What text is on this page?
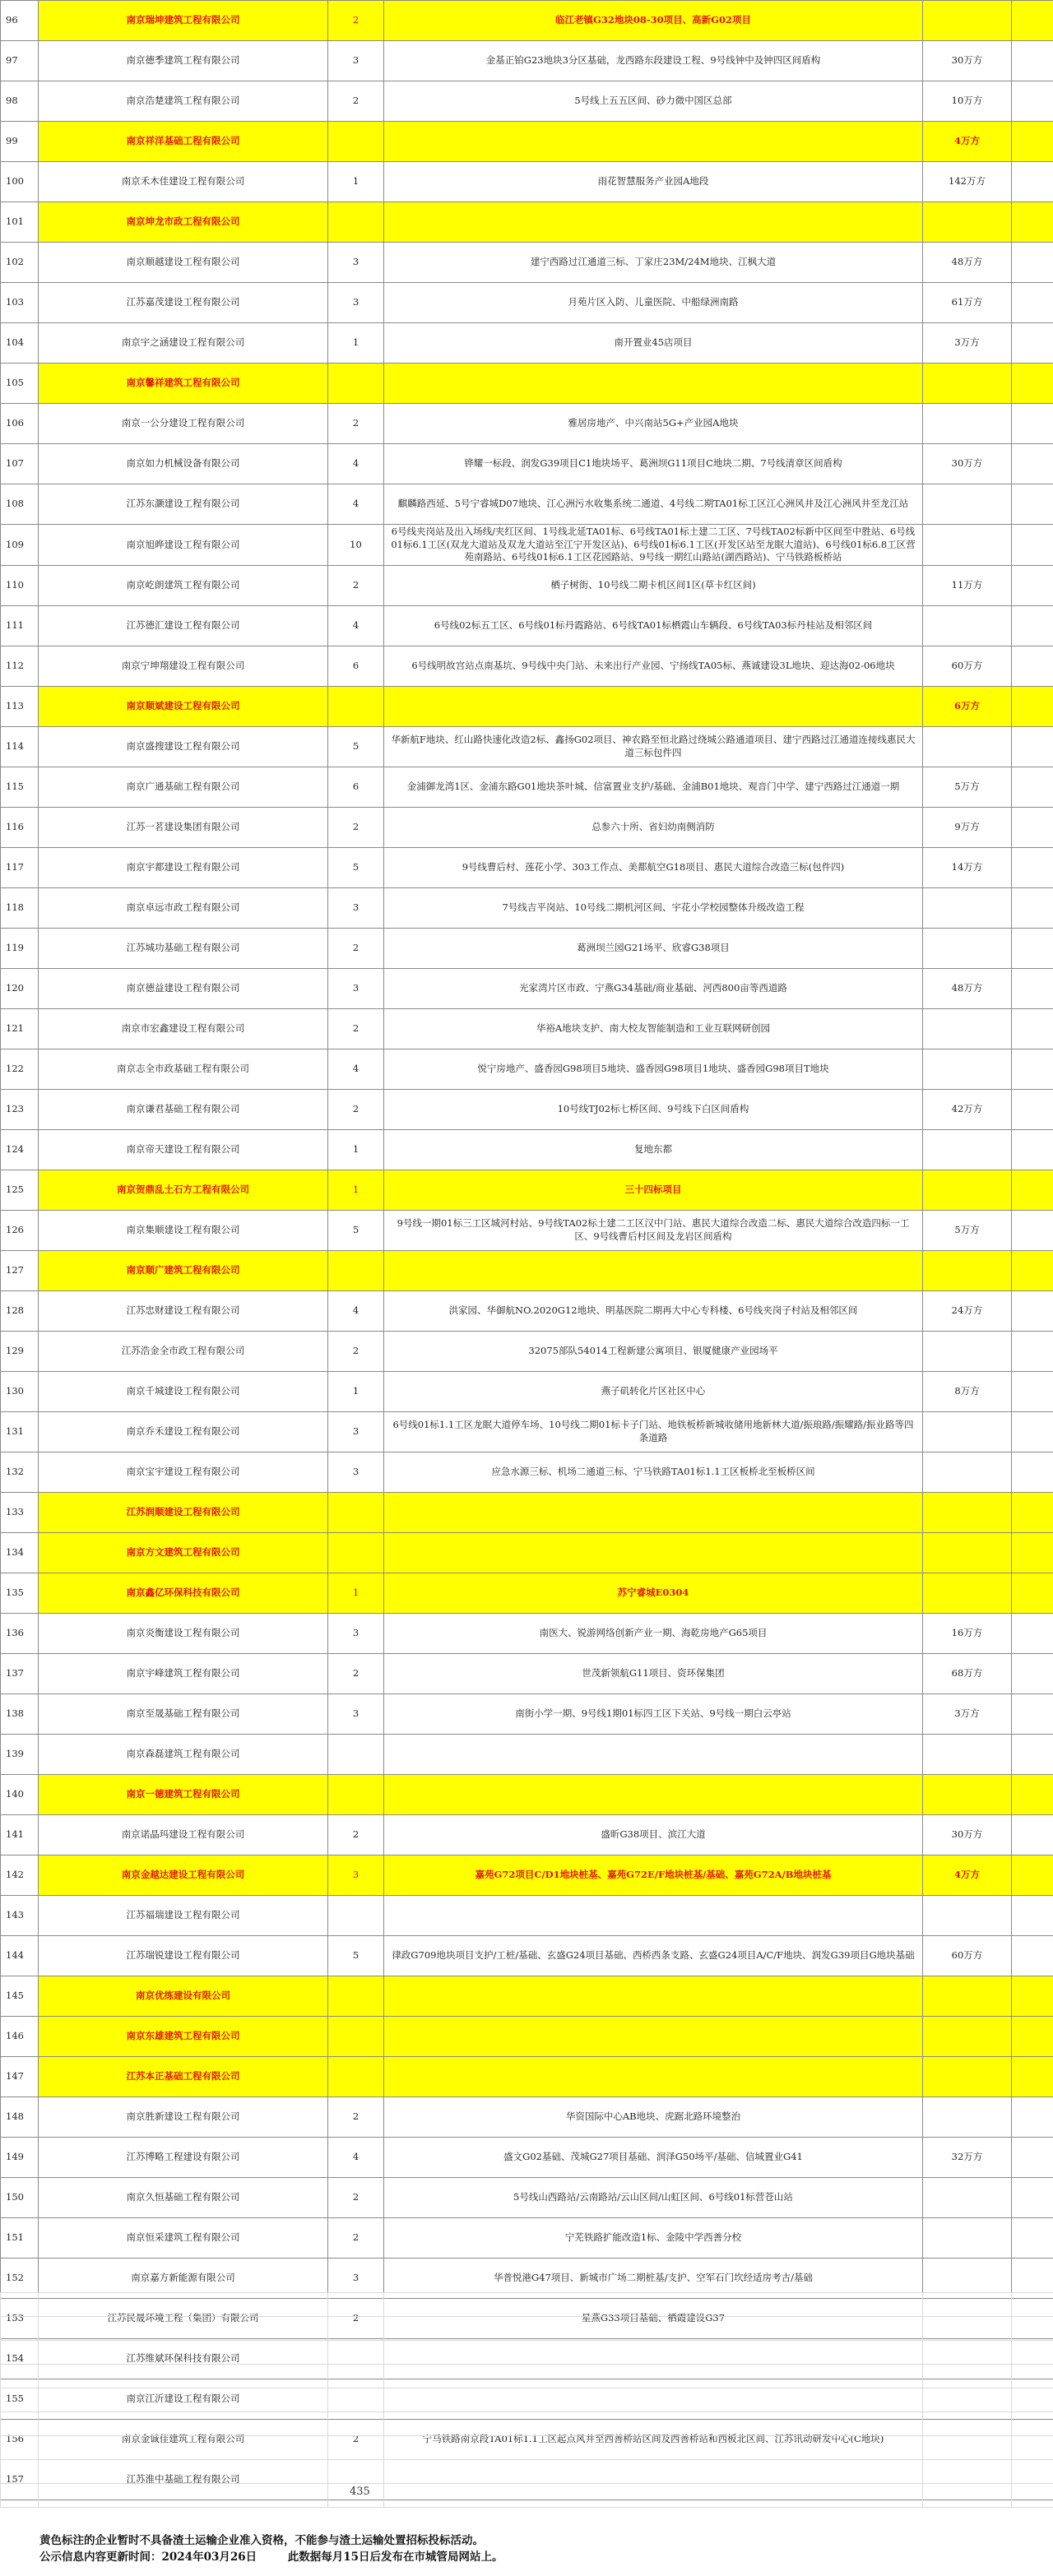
96	南京瑞坤建筑工程有限公司	2	临江老镇G32地块08-30项目、高新G02项目		
97	南京德季建筑工程有限公司	3	金基正铂G23地块3分区基础，龙西路东段建设工程、9号线钟中及钟四区间盾构	30万方	
98	南京浩楚建筑工程有限公司	2	5号线上五五区间、砂力微中国区总部	10万方	
99	南京祥洋基础工程有限公司			4万方	
100	南京禾木佳建设工程有限公司	1	雨花智慧服务产业园A地段	142万方	
101	南京坤龙市政工程有限公司				
102	南京顺越建设工程有限公司	3	建宁西路过江通道三标、丁家庄23M/24M地块、江枫大道	48万方	
103	江苏嘉茂建设工程有限公司	3	月苑片区入防、儿童医院、中船绿洲南路	61万方	
104	南京宇之涵建设工程有限公司	1	南开置业45店项目	3万方	
105	南京馨祥建筑工程有限公司				
106	南京一公分建设工程有限公司	2	雅居房地产、中兴南站5G+产业园A地块		
107	南京如力机械设备有限公司	4	铧耀一标段、润发G39项目C1地块场平、葛洲坝G11项目C地块二期、7号线清章区间盾构	30万方	
108	江苏东灏建设工程有限公司	4	麒麟路西延、5号宁睿城D07地块、江心洲污水收集系统二通道、4号线二期TA01标工区江心洲风井及江心洲风井至龙江站		
109	南京旭晔建设工程有限公司	10	6号线夹岗站及出入场线/夹红区间、1号线北延TA01标、6号线TA01标土建二工区、7号线TA02标新中区间至中胜站、6号线01标6.1工区(双龙大道站及双龙大道站至江宁开发区站)、6号线01标6.1工区(开发区站至龙眠大道站)、6号线01标6.8工区营苑南路站、6号线01标6.1工区花园路站、9号线一期红山路站(湖西路站)、宁马铁路板桥站		
110	南京屹朗建筑工程有限公司	2	栖子树街、10号线二期卡机区间1区(草卡红区间)	11万方	
111	江苏德汇建设工程有限公司	4	6号线02标五工区、6号线01标丹霞路站、6号线TA01标栖霞山车辆段、6号线TA03标丹桂站及相邻区间		
112	南京宁坤翔建设工程有限公司	6	6号线明故宫站点南基坑、9号线中央门站、未来出行产业园、宁扬线TA05标、燕诚建设3L地块、迎达海02-06地块	60万方	
113	南京顺斌建设工程有限公司			6万方	
114	南京盛搜建设工程有限公司	5	华新航F地块、红山路快速化改造2标、鑫扬G02项目、神农路至恒北路过绕城公路通道项目、建宁西路过江通道连接线惠民大道三标包件四		
115	南京广通基础工程有限公司	6	金浦御龙湾1区、金浦东路G01地块茶叶城、信富置业支护/基础、金浦B01地块、观音门中学、建宁西路过江通道一期	5万方	
116	江苏一茗建设集团有限公司	2	总参六十所、省妇幼南侧消防	9万方	
117	南京宇都建设工程有限公司	5	9号线曹后村、莲花小学、303工作点、美都航空G18项目、惠民大道综合改造三标(包件四)	14万方	
118	南京卓远市政工程有限公司	3	7号线吉平岗站、10号线二期机河区间、宇花小学校园整体升级改造工程		
119	江苏城功基础工程有限公司	2	葛洲坝兰园G21场平、欣睿G38项目		
120	南京德益建设工程有限公司	3	光家湾片区市政、宁燕G34基础/商业基础、河西800亩等西道路	48万方	
121	南京市宏鑫建设工程有限公司	2	华裕A地块支护、南大校友智能制造和工业互联网研创园		
122	南京志全市政基础工程有限公司	4	悦宁房地产、盛香园G98项目5地块、盛香园G98项目1地块、盛香园G98项目T地块		
123	南京谦君基础工程有限公司	2	10号线TJ02标七桥区间、9号线下白区间盾构	42万方	
124	南京帝天建设工程有限公司	1	复地东都		
125	南京贺鼎乱土石方工程有限公司	1	三十四标项目		
126	南京集顺建设工程有限公司	5	9号线一期01标三工区城河村站、9号线TA02标土建二工区汉中门站、惠民大道综合改造二标、惠民大道综合改造四标一工区、9号线曹后村区间及龙岩区间盾构	5万方	
127	南京顺广建筑工程有限公司				
128	江苏忠财建设工程有限公司	4	洪家园、华御航NO.2020G12地块、明基医院二期再大中心专科楼、6号线夹岗子村站及相邻区间	24万方	
129	江苏浩金全市政工程有限公司	2	32075部队54014工程新建公寓项目、银厦健康产业园场平		
130	南京千城建设工程有限公司	1	燕子矶转化片区社区中心	8万方	
131	南京乔禾建设工程有限公司	3	6号线01标1.1工区龙眠大道停车场、10号线二期01标卡子门站、地铁板桥新城收储用地新林大道/振琅路/振耀路/振业路等四条道路		
132	南京宝宇建设工程有限公司	3	应急水源三标、机场二通道三标、宁马铁路TA01标1.1工区板桥北至板桥区间		
133	江苏润顺建设工程有限公司				
134	南京方文建筑工程有限公司				
135	南京鑫亿环保科技有限公司	1	苏宁睿城E0304		
136	南京炎衡建设工程有限公司	3	南医大、锐游网络创新产业一期、海乾房地产G65项目	16万方	
137	南京宇峰建筑工程有限公司	2	世茂新领航G11项目、资环保集团	68万方	
138	南京至晟基础工程有限公司	3	南街小学一期、9号线1期01标四工区下关站、9号线一期白云亭站	3万方	
139	南京森磊建筑工程有限公司				
140	南京一德建筑工程有限公司				
141	南京诺晶玛建设工程有限公司	2	盛昕G38项目、滨江大道	30万方	
142	南京金越达建设工程有限公司	3	嘉苑G72项目C/D1地块桩基、嘉苑G72E/F地块桩基/基础、嘉苑G72A/B地块桩基	4万方	
143	江苏福瑞建设工程有限公司				
144	江苏瑞锐建设工程有限公司	5	律政G709地块项目支护/工桩/基础、玄盛G24项目基础、西桥西条支路、玄盛G24项目A/C/F地块、润发G39项目G地块基础	60万方	
145	南京优练建设有限公司				
146	南京东雄建筑工程有限公司				
147	江苏本正基础工程有限公司				
148	南京胜新建设工程有限公司	2	华资国际中心AB地块、虎踞北路环境整治		
149	江苏博略工程建设有限公司	4	盛文G02基础、茂城G27项目基础、润泽G50场平/基础、信城置业G41	32万方	
150	南京久恒基础工程有限公司	2	5号线山西路站/云南路站/云山区间/山虹区间、6号线01标营苍山站		
151	南京恒采建筑工程有限公司	2	宁芜铁路扩能改造1标、金陵中学西善分校		
152	南京嘉方新能源有限公司	3	华普悦港G47项目、新城市广场二期桩基/支护、空军石门坎经适房考古/基础		
153	江苏民晟环境工程（集团）有限公司	2	星燕G33项目基础、栖霞建设G37		
154	江苏维斌环保科技有限公司				
155	南京江沂建设工程有限公司				
156	南京金诚佳建筑工程有限公司	2	宁马铁路南京段TA01标1.1工区起点风井至西善桥站区间及西善桥站和西板北区间、江苏讯动研发中心(C地块)		
157	江苏淮中基础工程有限公司				

435
黄色标注的企业暂时不具备渣土运输企业准入资格，不能参与渣土运输处置招标投标活动。
公示信息内容更新时间：2024年03月26日	此数据每月15日后发布在市城管局网站上。
